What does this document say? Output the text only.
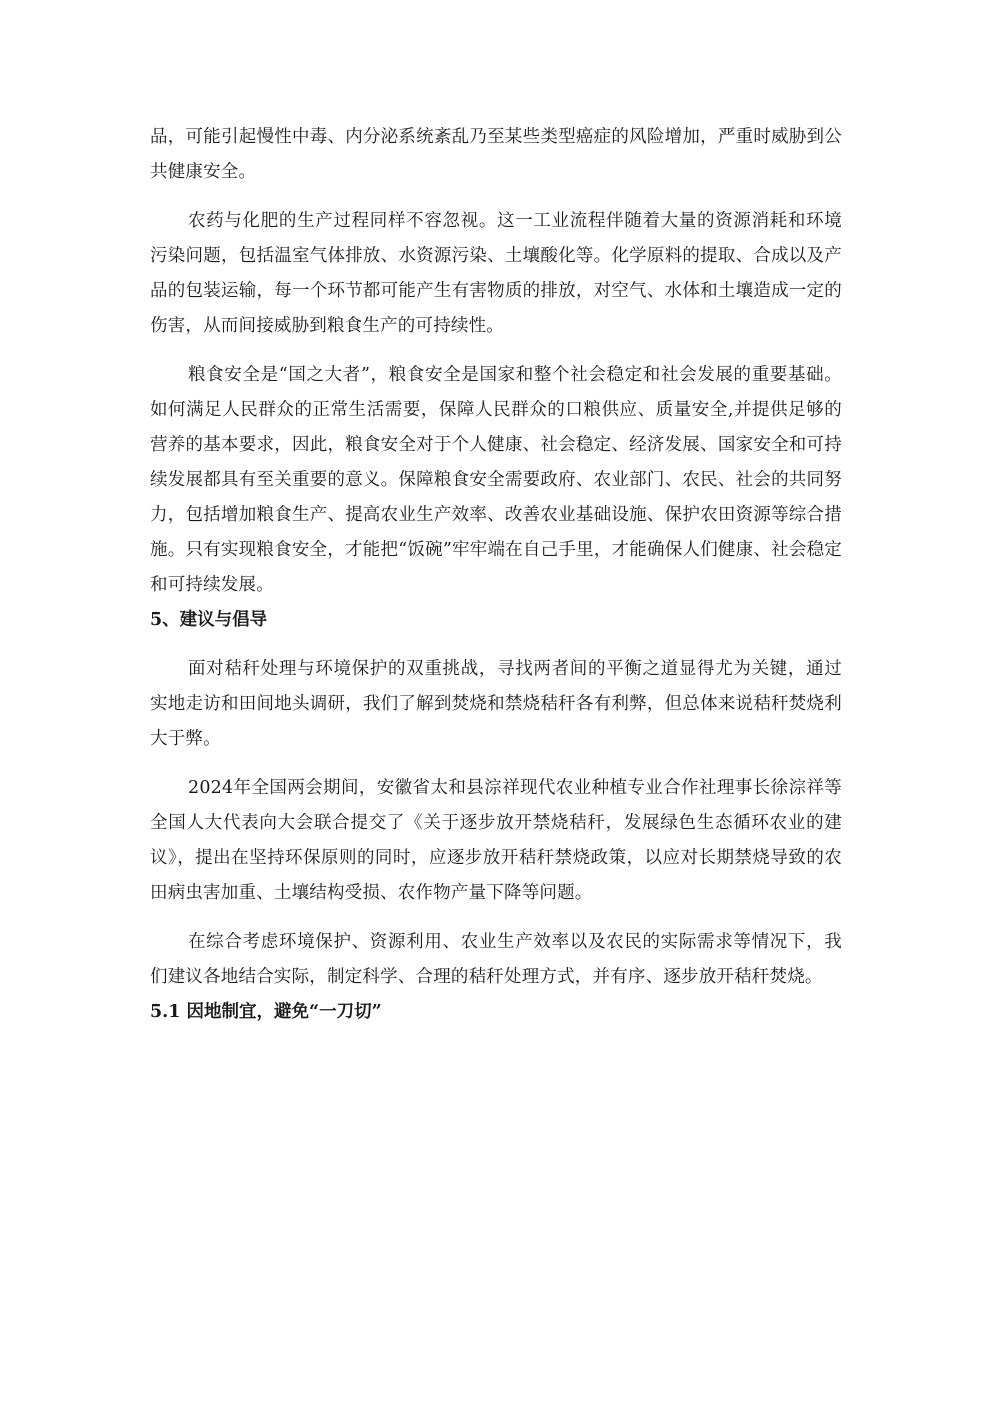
品，可能引起慢性中毒、内分泌系统紊乱乃至某些类型癌症的风险增加，严重时威胁到公共健康安全。

农药与化肥的生产过程同样不容忽视。这一工业流程伴随着大量的资源消耗和环境污染问题，包括温室气体排放、水资源污染、土壤酸化等。化学原料的提取、合成以及产品的包装运输，每一个环节都可能产生有害物质的排放，对空气、水体和土壤造成一定的伤害，从而间接威胁到粮食生产的可持续性。

粮食安全是“国之大者”，粮食安全是国家和整个社会稳定和社会发展的重要基础。如何满足人民群众的正常生活需要，保障人民群众的口粮供应、质量安全,并提供足够的营养的基本要求，因此，粮食安全对于个人健康、社会稳定、经济发展、国家安全和可持续发展都具有至关重要的意义。保障粮食安全需要政府、农业部门、农民、社会的共同努力，包括增加粮食生产、提高农业生产效率、改善农业基础设施、保护农田资源等综合措施。只有实现粮食安全，才能把“饭碗”牢牢端在自己手里，才能确保人们健康、社会稳定和可持续发展。

5、建议与倡导

面对秸秆处理与环境保护的双重挑战，寻找两者间的平衡之道显得尤为关键，通过实地走访和田间地头调研，我们了解到焚烧和禁烧秸秆各有利弊，但总体来说秸秆焚烧利大于弊。

2024年全国两会期间，安徽省太和县淙祥现代农业种植专业合作社理事长徐淙祥等全国人大代表向大会联合提交了《关于逐步放开禁烧秸秆，发展绿色生态循环农业的建议》，提出在坚持环保原则的同时，应逐步放开秸秆禁烧政策，以应对长期禁烧导致的农田病虫害加重、土壤结构受损、农作物产量下降等问题。

在综合考虑环境保护、资源利用、农业生产效率以及农民的实际需求等情况下，我们建议各地结合实际，制定科学、合理的秸秆处理方式，并有序、逐步放开秸秆焚烧。

5.1 因地制宜，避免“一刀切”
